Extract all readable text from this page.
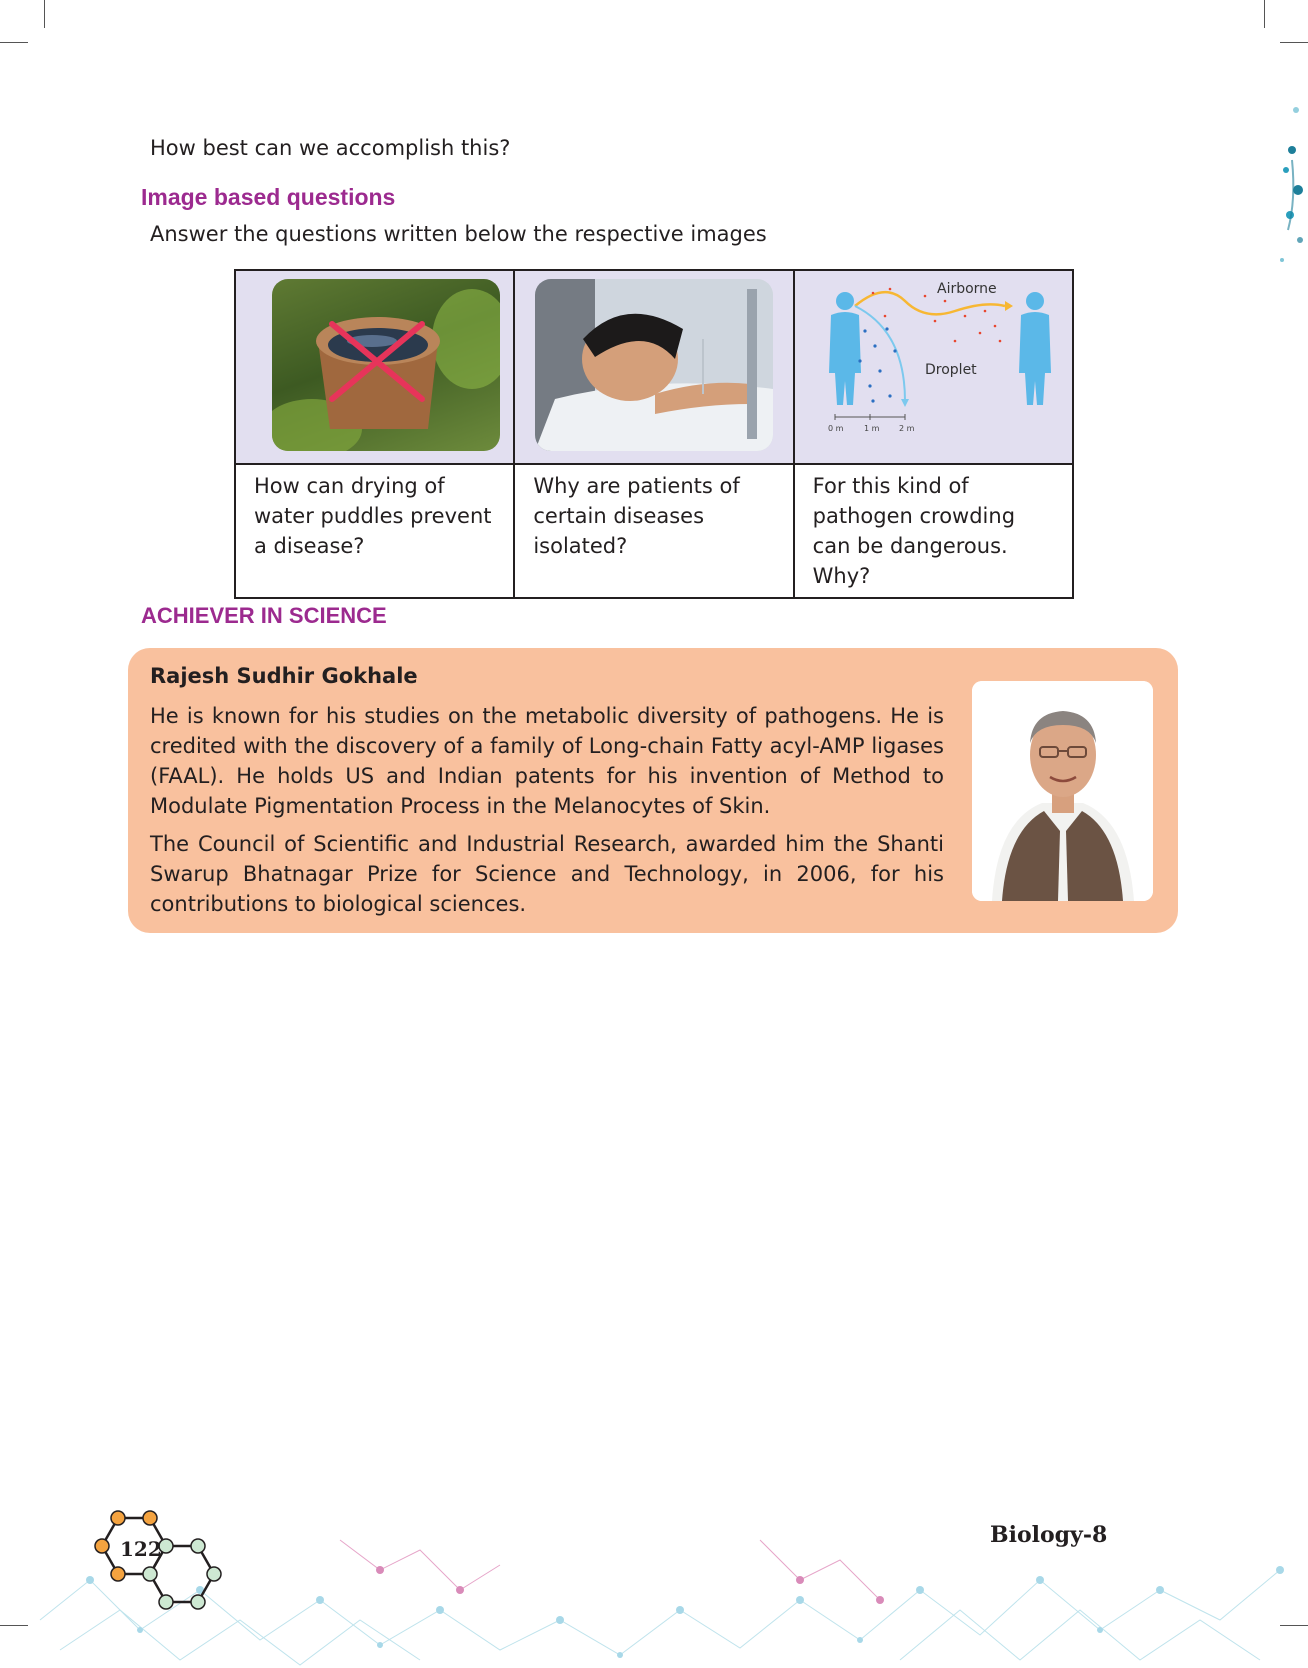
How best can we accomplish this?
Image based questions
Answer the questions written below the respective images

Airborne
Droplet
0 m 1 m 2 m

How can drying of water puddles prevent a disease?	Why are patients of certain diseases isolated?	For this kind of pathogen crowding can be dangerous. Why?
ACHIEVER IN SCIENCE
Rajesh Sudhir Gokhale

He is known for his studies on the metabolic diversity of pathogens. He is credited with the discovery of a family of Long-chain Fatty acyl-AMP ligases (FAAL). He holds US and Indian patents for his invention of Method to Modulate Pigmentation Process in the Melanocytes of Skin.

The Council of Scientific and Industrial Research, awarded him the Shanti Swarup Bhatnagar Prize for Science and Technology, in 2006, for his contributions to biological sciences.

122
Biology-8
